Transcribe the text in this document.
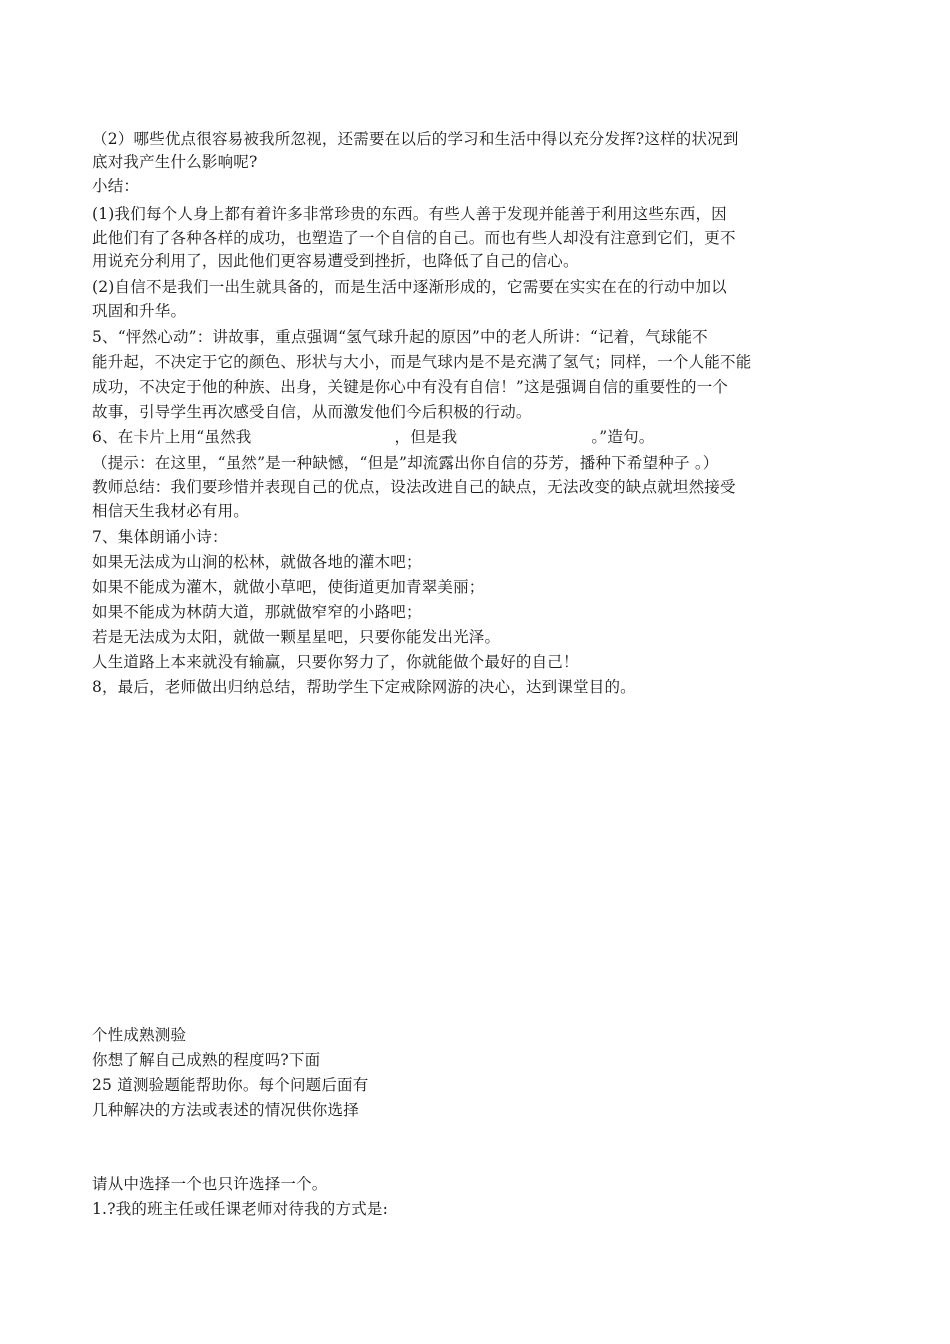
（2）哪些优点很容易被我所忽视，还需要在以后的学习和生活中得以充分发挥?这样的状况到
底对我产生什么影响呢?
小结：
(1)我们每个人身上都有着许多非常珍贵的东西。有些人善于发现并能善于利用这些东西，因
此他们有了各种各样的成功，也塑造了一个自信的自己。而也有些人却没有注意到它们，更不
用说充分利用了，因此他们更容易遭受到挫折，也降低了自己的信心。
(2)自信不是我们一出生就具备的，而是生活中逐渐形成的，它需要在实实在在的行动中加以
巩固和升华。
5、“怦然心动”：讲故事，重点强调“氢气球升起的原因”中的老人所讲：“记着，气球能不
能升起，不决定于它的颜色、形状与大小，而是气球内是不是充满了氢气；同样，一个人能不能
成功，不决定于他的种族、出身，关键是你心中有没有自信！”这是强调自信的重要性的一个
故事，引导学生再次感受自信，从而激发他们今后积极的行动。
6、在卡片上用“虽然我	，但是我	。”造句。
（提示：在这里，“虽然”是一种缺憾，“但是”却流露出你自信的芬芳，播种下希望种子 。）
教师总结：我们要珍惜并表现自己的优点，设法改进自己的缺点，无法改变的缺点就坦然接受
相信天生我材必有用。
7、集体朗诵小诗：
如果无法成为山涧的松林，就做各地的灌木吧；
如果不能成为灌木，就做小草吧，使街道更加青翠美丽；
如果不能成为林荫大道，那就做窄窄的小路吧；
若是无法成为太阳，就做一颗星星吧，只要你能发出光泽。
人生道路上本来就没有输赢，只要你努力了，你就能做个最好的自己！
8，最后，老师做出归纳总结，帮助学生下定戒除网游的决心，达到课堂目的。
个性成熟测验
你想了解自己成熟的程度吗?下面
25 道测验题能帮助你。每个问题后面有
几种解决的方法或表述的情况供你选择
请从中选择一个也只许选择一个。
1.?我的班主任或任课老师对待我的方式是:
